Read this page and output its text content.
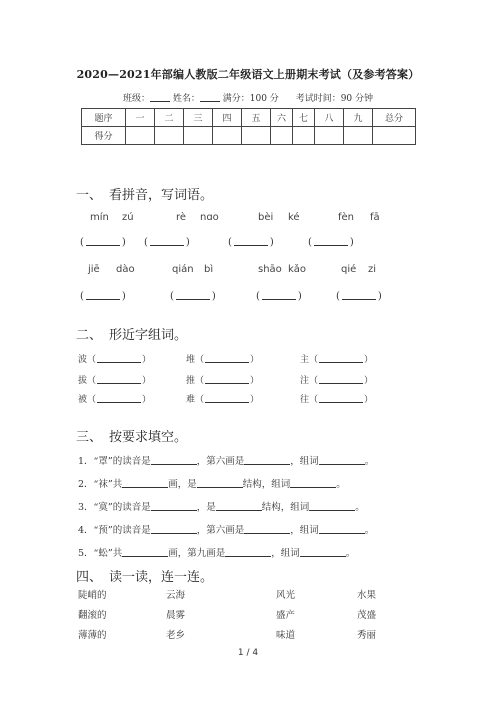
2020—2021年部编人教版二年级语文上册期末考试（及参考答案）
班级：	姓名：	满分：100 分 考试时间：90 分钟
题序	一	二	三	四	五	六	七	八	九	总分
得分										
一、 看拼音，写词语。
mín zú	rè nɑo	bèi ké	fèn fā
(	) (	)	(	)	(	)
jiē dào	qián bì	shāo kǎo	qié zi
(	)	(	)	(	)	(	)
二、 形近字组词。
波（	）	堆（	）	主（	）
拔（	）	推（	）	注（	）
被（	）	难（	）	往（	）
三、 按要求填空。
1．“罩”的读音是	，第六画是	，组词	。
2．“袜”共	画，是	结构，组词	。
3．“寞”的读音是	，是	结构，组词	。
4．“预”的读音是	，第六画是	，组词	。
5．“蚣”共	画，第九画是	，组词	。
四、 读一读，连一连。
陡峭的	云海	风光	水果
翻滚的	晨雾	盛产	茂盛
薄薄的	老乡	味道	秀丽
1 / 4
